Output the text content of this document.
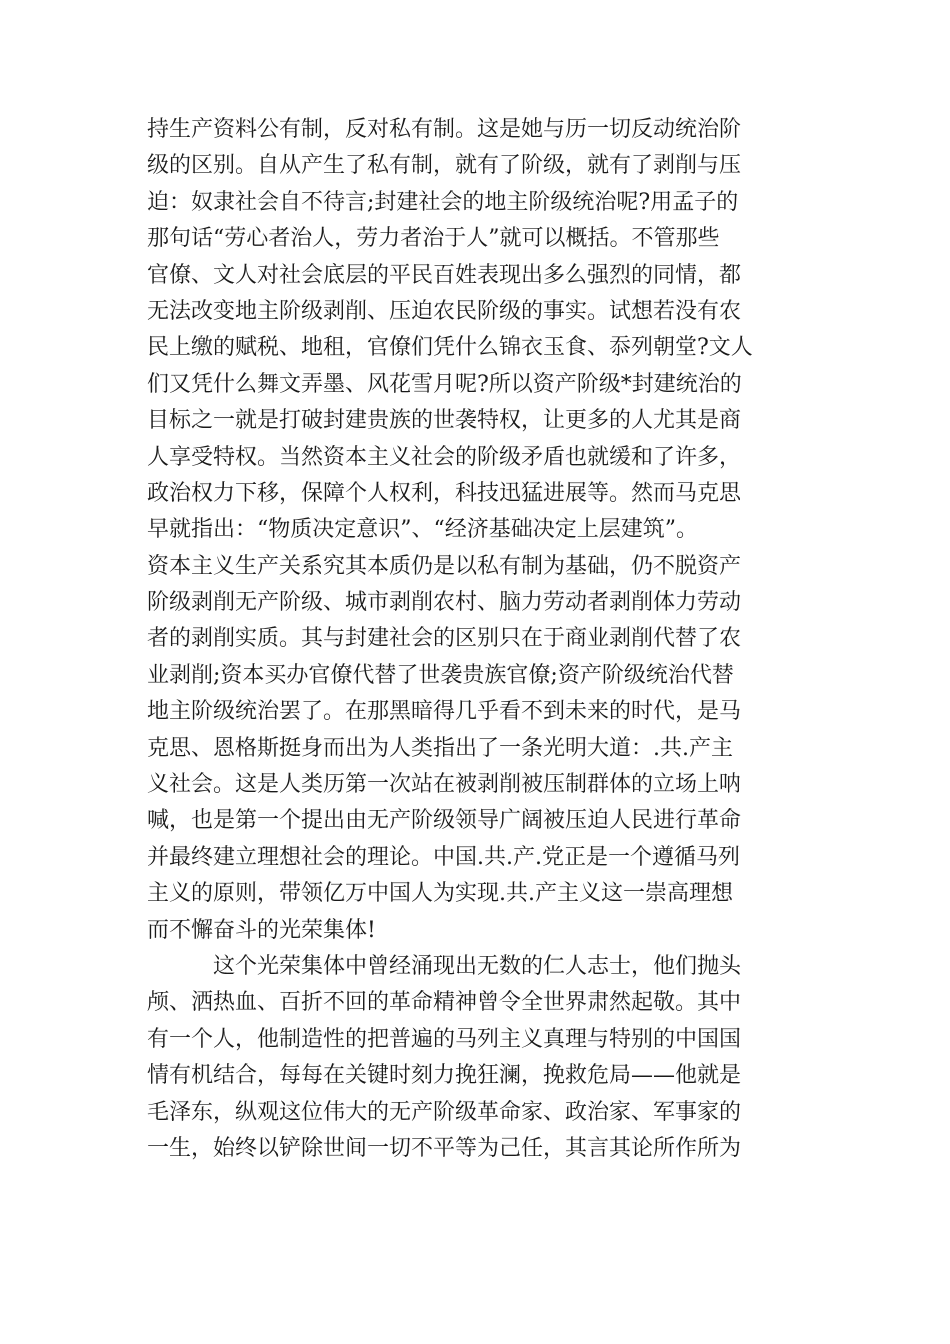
持生产资料公有制，反对私有制。这是她与历一切反动统治阶
级的区别。自从产生了私有制，就有了阶级，就有了剥削与压
迫：奴隶社会自不待言;封建社会的地主阶级统治呢?用孟子的
那句话“劳心者治人，劳力者治于人”就可以概括。不管那些
官僚、文人对社会底层的平民百姓表现出多么强烈的同情，都
无法改变地主阶级剥削、压迫农民阶级的事实。试想若没有农
民上缴的赋税、地租，官僚们凭什么锦衣玉食、忝列朝堂?文人
们又凭什么舞文弄墨、风花雪月呢?所以资产阶级*封建统治的
目标之一就是打破封建贵族的世袭特权，让更多的人尤其是商
人享受特权。当然资本主义社会的阶级矛盾也就缓和了许多，
政治权力下移，保障个人权利，科技迅猛进展等。然而马克思
早就指出：“物质决定意识”、“经济基础决定上层建筑”。
资本主义生产关系究其本质仍是以私有制为基础，仍不脱资产
阶级剥削无产阶级、城市剥削农村、脑力劳动者剥削体力劳动
者的剥削实质。其与封建社会的区别只在于商业剥削代替了农
业剥削;资本买办官僚代替了世袭贵族官僚;资产阶级统治代替
地主阶级统治罢了。在那黑暗得几乎看不到未来的时代，是马
克思、恩格斯挺身而出为人类指出了一条光明大道：.共.产主
义社会。这是人类历第一次站在被剥削被压制群体的立场上呐
喊，也是第一个提出由无产阶级领导广阔被压迫人民进行革命
并最终建立理想社会的理论。中国.共.产.党正是一个遵循马列
主义的原则，带领亿万中国人为实现.共.产主义这一崇高理想
而不懈奋斗的光荣集体!
这个光荣集体中曾经涌现出无数的仁人志士，他们抛头
颅、洒热血、百折不回的革命精神曾令全世界肃然起敬。其中
有一个人，他制造性的把普遍的马列主义真理与特别的中国国
情有机结合，每每在关键时刻力挽狂澜，挽救危局——他就是
毛泽东，纵观这位伟大的无产阶级革命家、政治家、军事家的
一生，始终以铲除世间一切不平等为己任，其言其论所作所为
